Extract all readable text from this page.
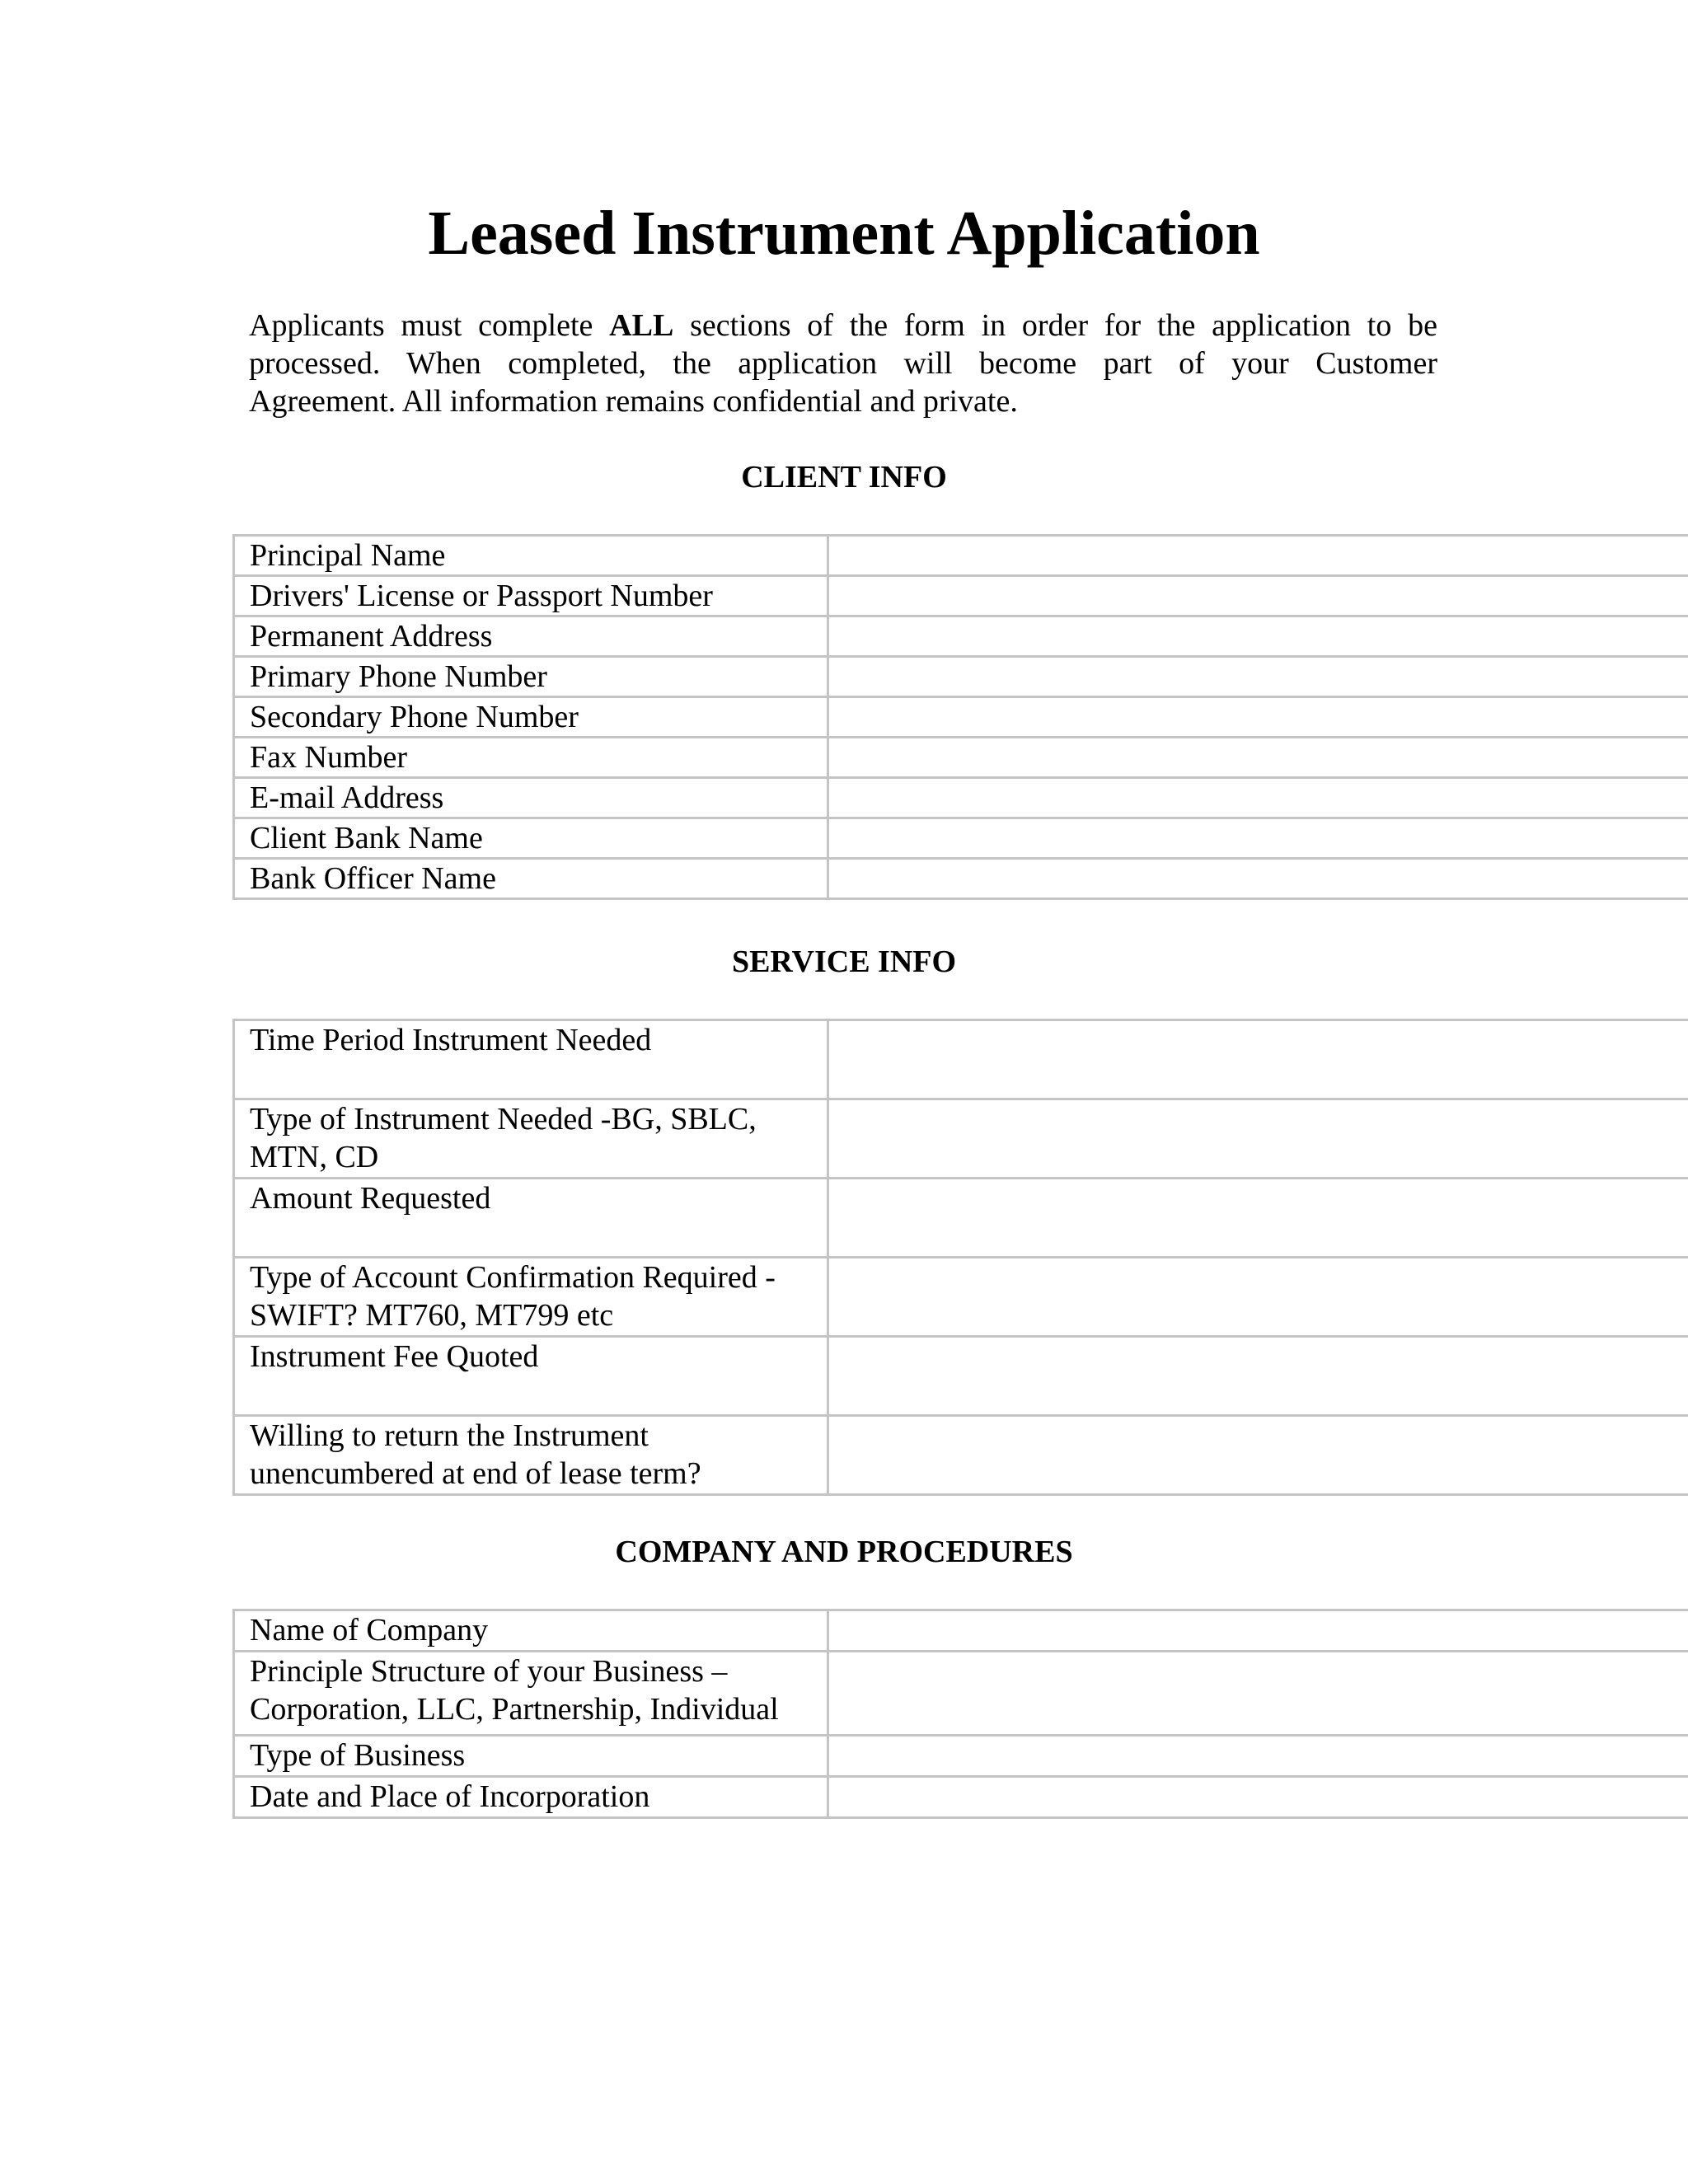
Leased Instrument Application

Applicants must complete ALL sections of the form in order for the application to be
processed. When completed, the application will become part of your Customer
Agreement. All information remains confidential and private.

CLIENT INFO
Principal Name	
Drivers' License or Passport Number	
Permanent Address	
Primary Phone Number	
Secondary Phone Number	
Fax Number	
E-mail Address	
Client Bank Name	
Bank Officer Name	
SERVICE INFO
Time Period Instrument Needed	
Type of Instrument Needed -BG, SBLC, MTN, CD	
Amount Requested	
Type of Account Confirmation Required -SWIFT? MT760, MT799 etc	
Instrument Fee Quoted	
Willing to return the Instrument unencumbered at end of lease term?	
COMPANY AND PROCEDURES
Name of Company	
Principle Structure of your Business – Corporation, LLC, Partnership, Individual	
Type of Business	
Date and Place of Incorporation	
